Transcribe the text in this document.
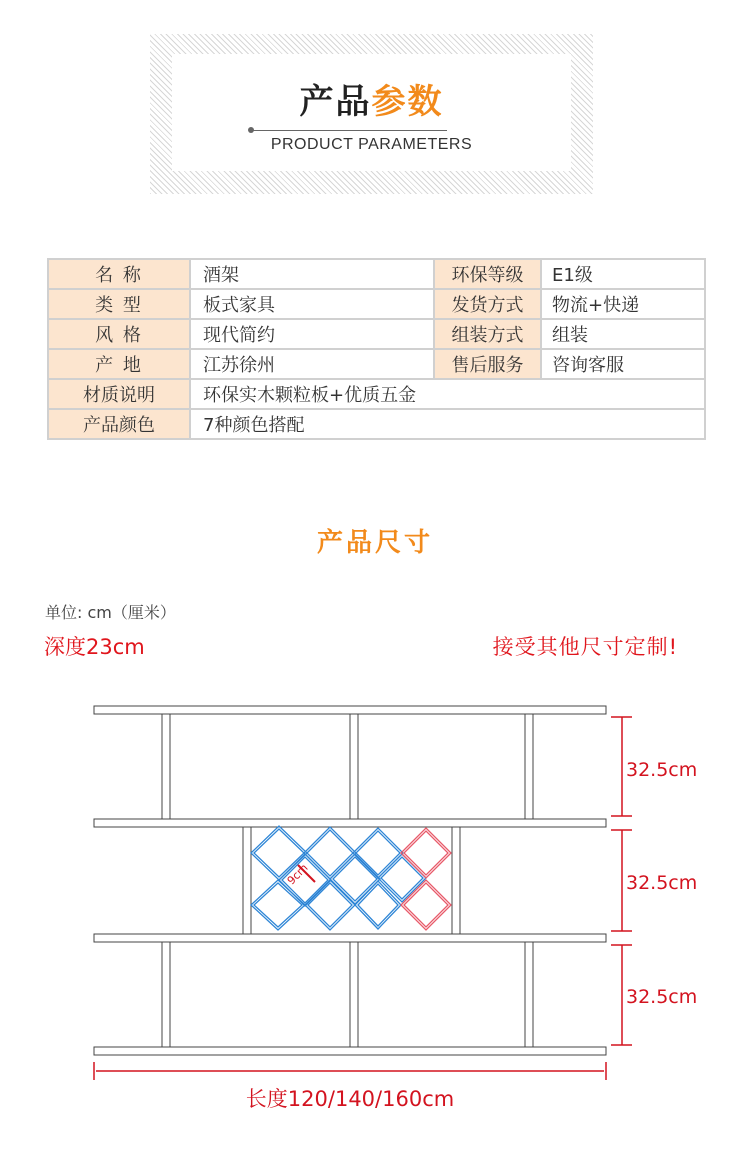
产品参数
PRODUCT PARAMETERS
名 称	酒架	环保等级	E1级
类 型	板式家具	发货方式	物流+快递
风 格	现代简约	组装方式	组装
产 地	江苏徐州	售后服务	咨询客服
材质说明	环保实木颗粒板+优质五金		
产品颜色	7种颜色搭配		
产品尺寸
单位: cm（厘米）
深度23cm	接受其他尺寸定制!
9cm
32.5cm
32.5cm
32.5cm
长度120/140/160cm
